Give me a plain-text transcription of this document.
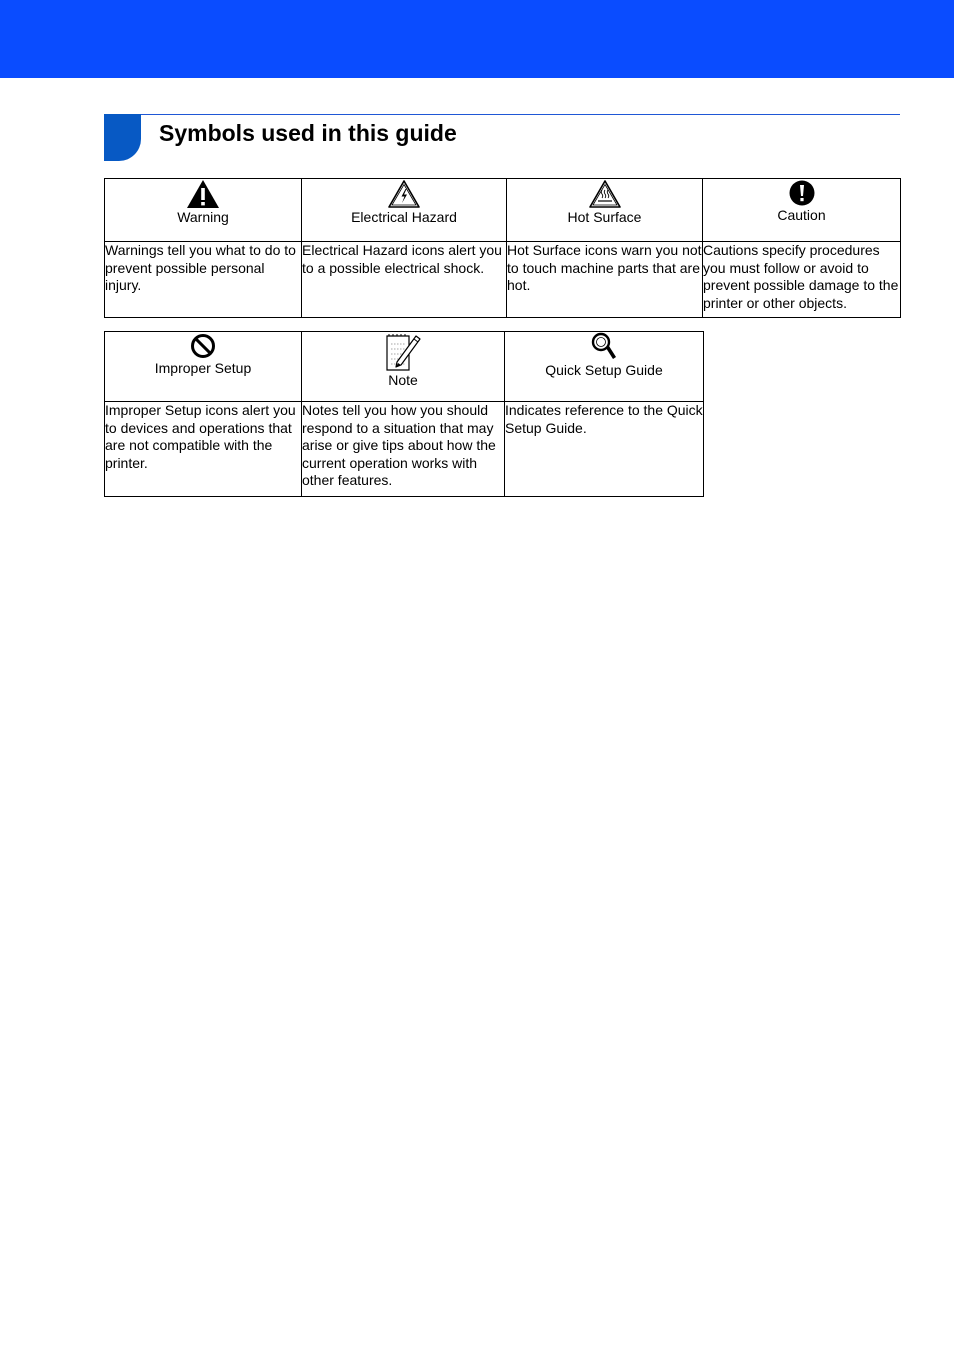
Symbols used in this guide
Warning	Electrical Hazard	Hot Surface	Caution

Warnings tell you what to do to prevent possible personal injury.	Electrical Hazard icons alert you to a possible electrical shock.	Hot Surface icons warn you not to touch machine parts that are hot.	Cautions specify procedures you must follow or avoid to prevent possible damage to the printer or other objects.
Improper Setup	Note	Quick Setup Guide

Improper Setup icons alert you to devices and operations that are not compatible with the printer.	Notes tell you how you should respond to a situation that may arise or give tips about how the current operation works with other features.	Indicates reference to the Quick Setup Guide.
